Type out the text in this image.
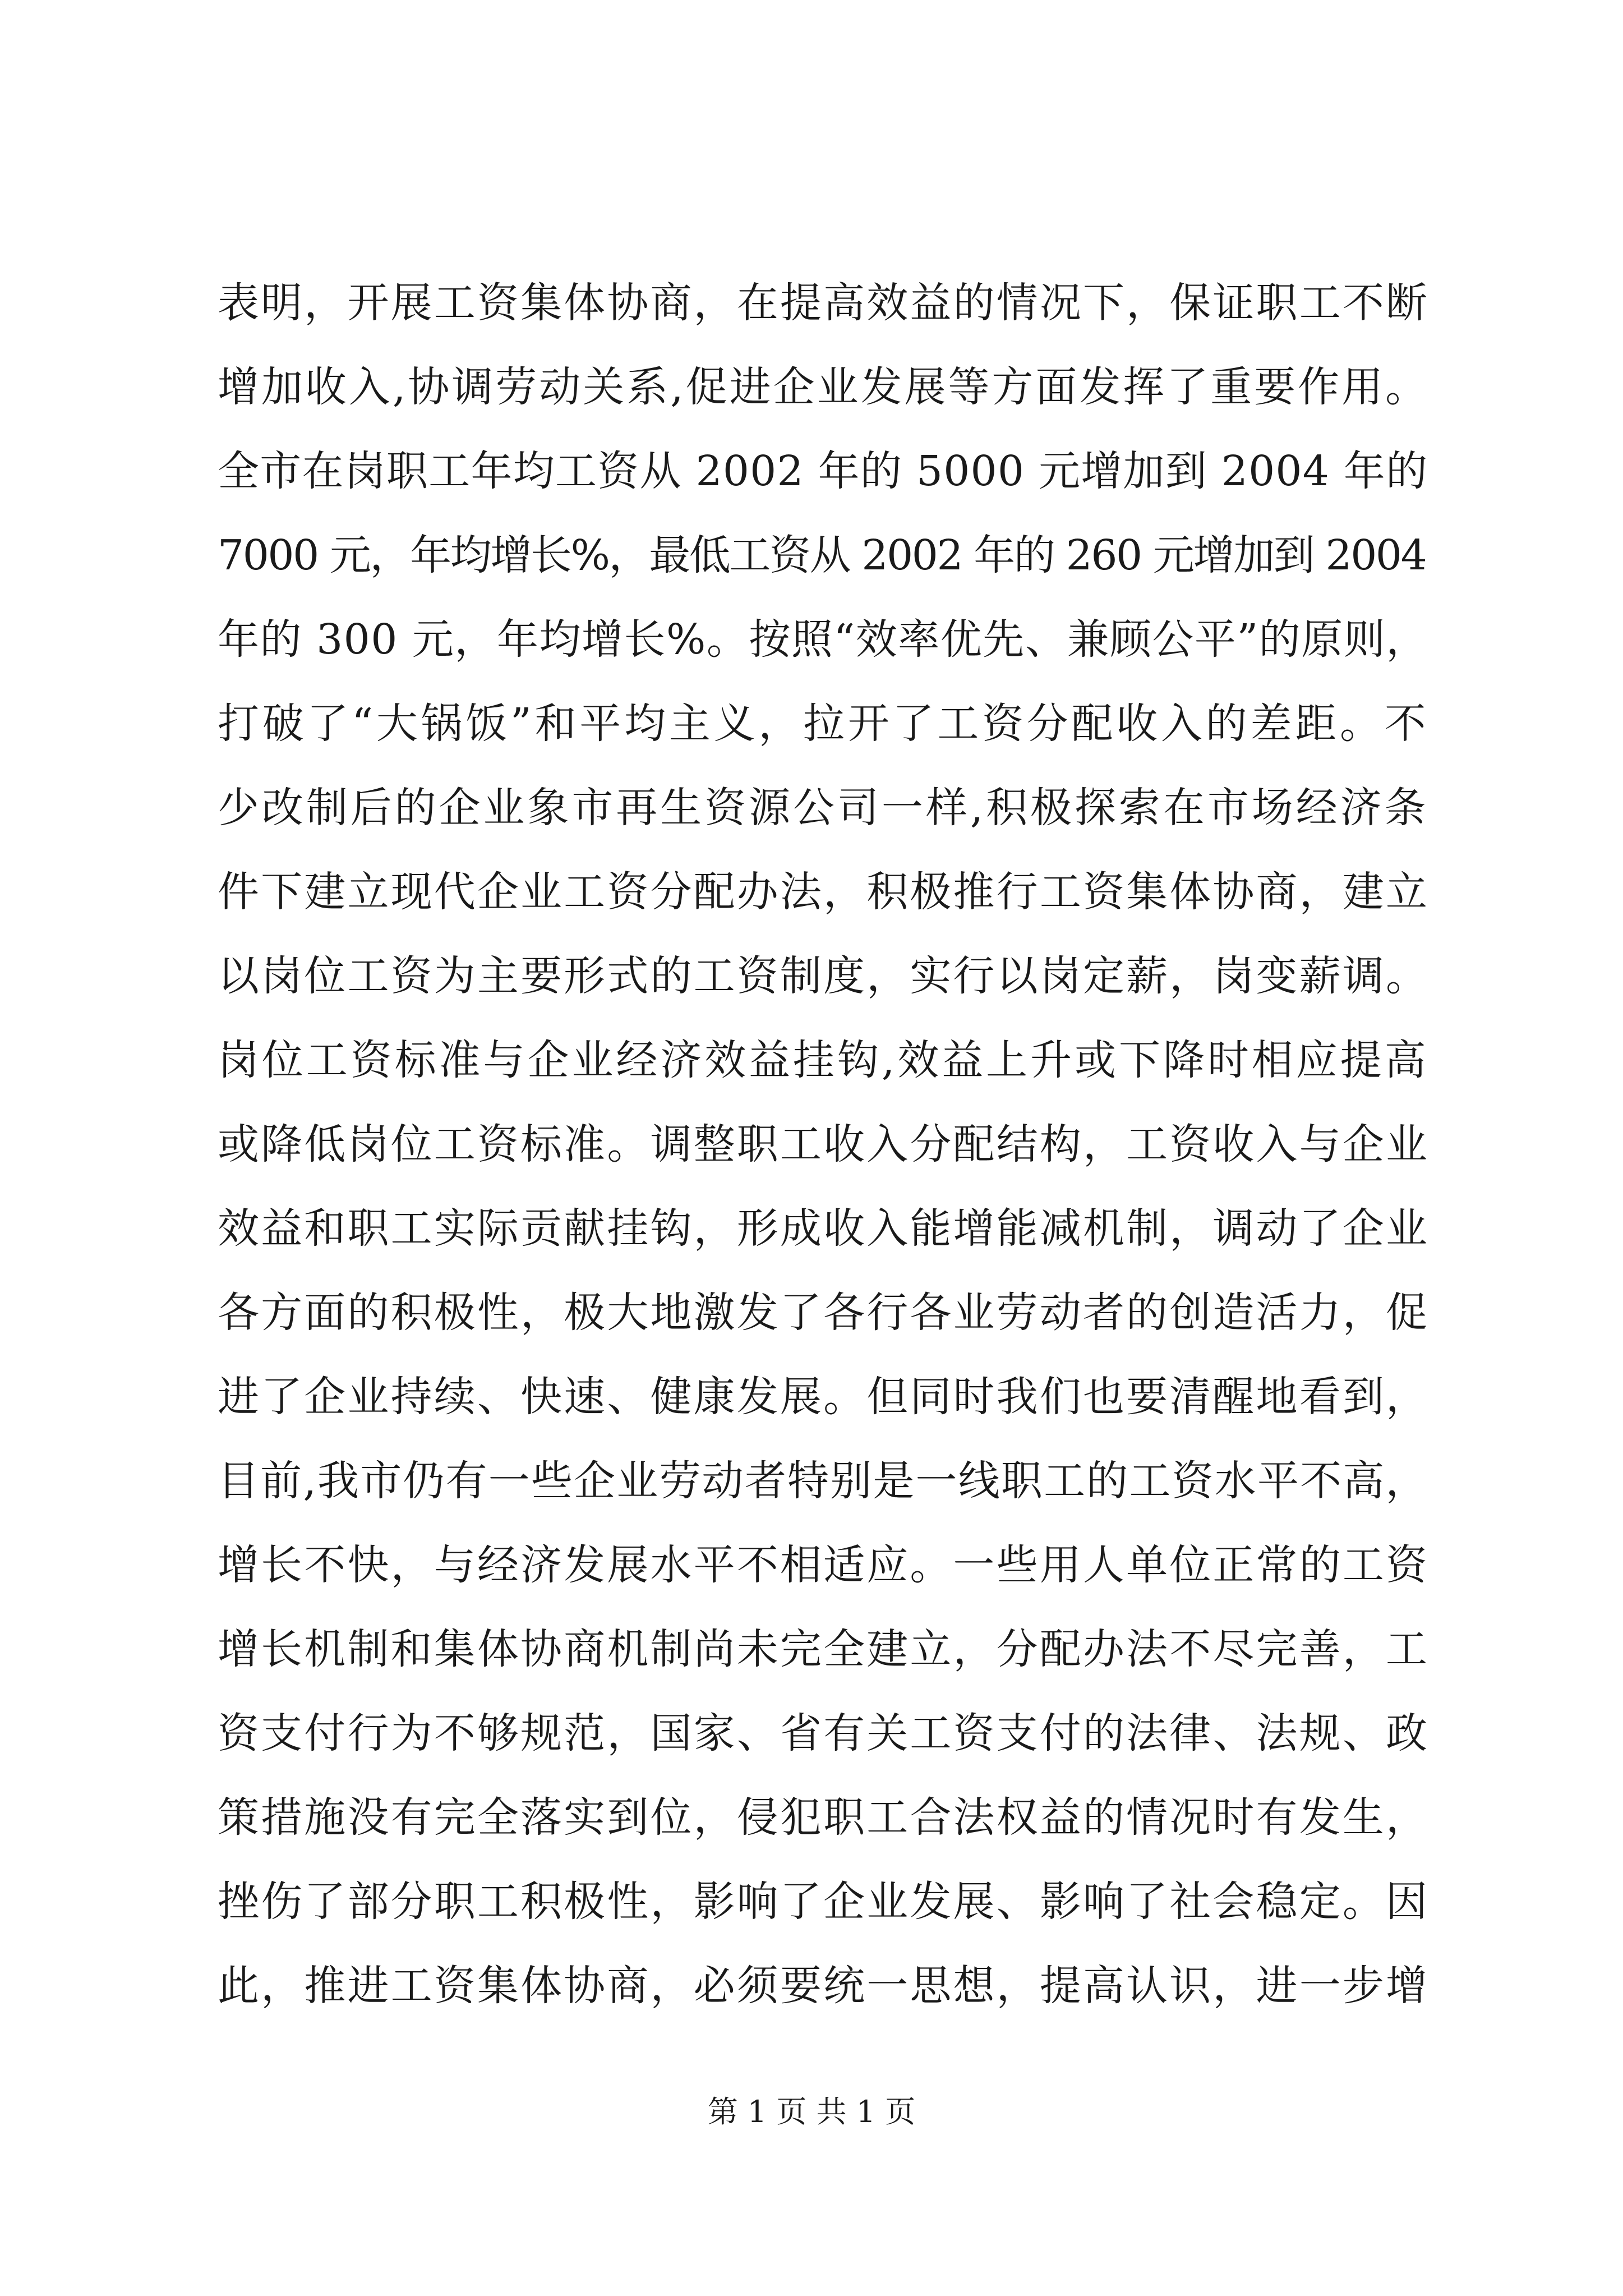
表明，开展工资集体协商，在提高效益的情况下，保证职工不断
增加收入,协调劳动关系,促进企业发展等方面发挥了重要作用。
全市在岗职工年均工资从 2002 年的 5000 元增加到 2004 年的
7000 元，年均增长%，最低工资从 2002 年的 260 元增加到 2004
年的 300 元，年均增长%。按照“效率优先、兼顾公平”的原则，
打破了“大锅饭”和平均主义，拉开了工资分配收入的差距。不
少改制后的企业象市再生资源公司一样,积极探索在市场经济条
件下建立现代企业工资分配办法，积极推行工资集体协商，建立
以岗位工资为主要形式的工资制度，实行以岗定薪，岗变薪调。
岗位工资标准与企业经济效益挂钩,效益上升或下降时相应提高
或降低岗位工资标准。调整职工收入分配结构，工资收入与企业
效益和职工实际贡献挂钩，形成收入能增能减机制，调动了企业
各方面的积极性，极大地激发了各行各业劳动者的创造活力，促
进了企业持续、快速、健康发展。但同时我们也要清醒地看到，
目前,我市仍有一些企业劳动者特别是一线职工的工资水平不高，
增长不快，与经济发展水平不相适应。一些用人单位正常的工资
增长机制和集体协商机制尚未完全建立，分配办法不尽完善，工
资支付行为不够规范，国家、省有关工资支付的法律、法规、政
策措施没有完全落实到位，侵犯职工合法权益的情况时有发生，
挫伤了部分职工积极性，影响了企业发展、影响了社会稳定。因
此，推进工资集体协商，必须要统一思想，提高认识，进一步增
第 1 页 共 1 页
